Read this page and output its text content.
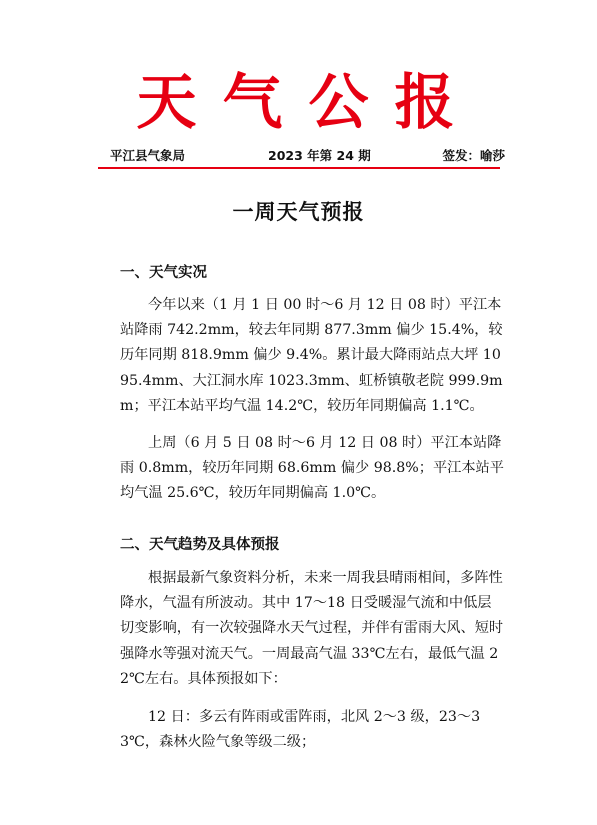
天气公报
平江县气象局	2023 年第 24 期	签发：喻莎
一周天气预报
一、天气实况
今年以来（1 月 1 日 00 时～6 月 12 日 08 时）平江本站降雨 742.2mm，较去年同期 877.3mm 偏少 15.4%，较历年同期 818.9mm 偏少 9.4%。累计最大降雨站点大坪 1095.4mm、大江洞水库 1023.3mm、虹桥镇敬老院 999.9mm；平江本站平均气温 14.2℃，较历年同期偏高 1.1℃。
上周（6 月 5 日 08 时～6 月 12 日 08 时）平江本站降雨 0.8mm，较历年同期 68.6mm 偏少 98.8%；平江本站平均气温 25.6℃，较历年同期偏高 1.0℃。
二、天气趋势及具体预报
根据最新气象资料分析，未来一周我县晴雨相间，多阵性降水，气温有所波动。其中 17～18 日受暖湿气流和中低层切变影响，有一次较强降水天气过程，并伴有雷雨大风、短时强降水等强对流天气。一周最高气温 33℃左右，最低气温 22℃左右。具体预报如下：
12 日：多云有阵雨或雷阵雨，北风 2～3 级，23～33℃，森林火险气象等级二级；
